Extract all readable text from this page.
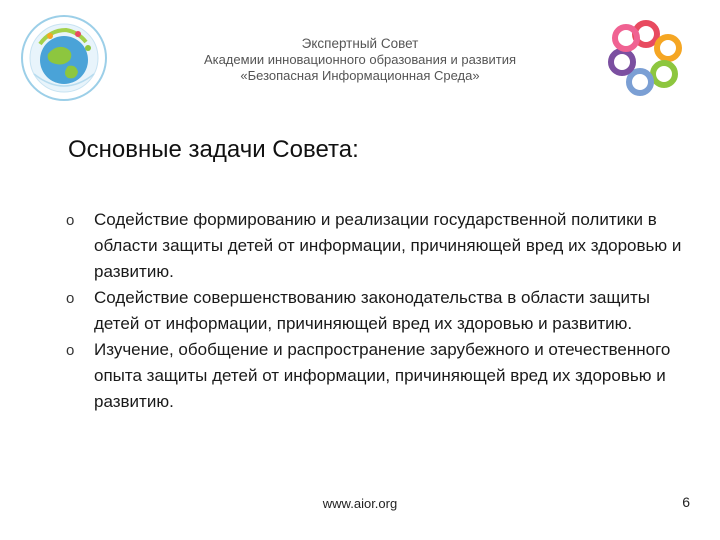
Экспертный Совет
Академии инновационного образования и развития
«Безопасная Информационная Среда»
Основные задачи Совета:
o Содействие формированию и реализации государственной политики в области защиты детей от информации, причиняющей вред их здоровью и развитию.
o Содействие совершенствованию законодательства в области защиты детей от информации, причиняющей вред их здоровью и развитию.
o Изучение, обобщение и распространение зарубежного и отечественного опыта защиты детей от информации, причиняющей вред их здоровью и развитию.
www.aior.org	6
